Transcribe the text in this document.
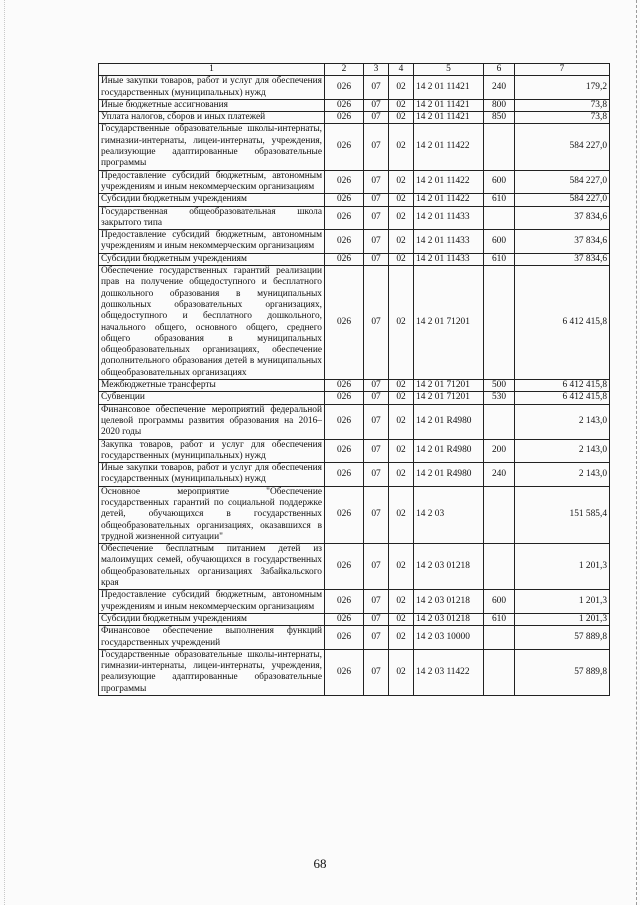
1	2	3	4	5	6	7
Иные закупки товаров, работ и услуг для обеспечения государственных (муниципальных) нужд	026	07	02	14 2 01 11421	240	179,2
Иные бюджетные ассигнования	026	07	02	14 2 01 11421	800	73,8
Уплата налогов, сборов и иных платежей	026	07	02	14 2 01 11421	850	73,8
Государственные образовательные школы-интернаты, гимназии-интернаты, лицеи-интернаты, учреждения, реализующие адаптированные образовательные программы	026	07	02	14 2 01 11422		584 227,0
Предоставление субсидий бюджетным, автономным учреждениям и иным некоммерческим организациям	026	07	02	14 2 01 11422	600	584 227,0
Субсидии бюджетным учреждениям	026	07	02	14 2 01 11422	610	584 227,0
Государственная общеобразовательная школа закрытого типа	026	07	02	14 2 01 11433		37 834,6
Предоставление субсидий бюджетным, автономным учреждениям и иным некоммерческим организациям	026	07	02	14 2 01 11433	600	37 834,6
Субсидии бюджетным учреждениям	026	07	02	14 2 01 11433	610	37 834,6
Обеспечение государственных гарантий реализации прав на получение общедоступного и бесплатного дошкольного образования в муниципальных дошкольных образовательных организациях, общедоступного и бесплатного дошкольного, начального общего, основного общего, среднего общего образования в муниципальных общеобразовательных организациях, обеспечение дополнительного образования детей в муниципальных общеобразовательных организациях	026	07	02	14 2 01 71201		6 412 415,8
Межбюджетные трансферты	026	07	02	14 2 01 71201	500	6 412 415,8
Субвенции	026	07	02	14 2 01 71201	530	6 412 415,8
Финансовое обеспечение мероприятий федеральной целевой программы развития образования на 2016–2020 годы	026	07	02	14 2 01 R4980		2 143,0
Закупка товаров, работ и услуг для обеспечения государственных (муниципальных) нужд	026	07	02	14 2 01 R4980	200	2 143,0
Иные закупки товаров, работ и услуг для обеспечения государственных (муниципальных) нужд	026	07	02	14 2 01 R4980	240	2 143,0
Основное мероприятие "Обеспечение государственных гарантий по социальной поддержке детей, обучающихся в государственных общеобразовательных организациях, оказавшихся в трудной жизненной ситуации"	026	07	02	14 2 03		151 585,4
Обеспечение бесплатным питанием детей из малоимущих семей, обучающихся в государственных общеобразовательных организациях Забайкальского края	026	07	02	14 2 03 01218		1 201,3
Предоставление субсидий бюджетным, автономным учреждениям и иным некоммерческим организациям	026	07	02	14 2 03 01218	600	1 201,3
Субсидии бюджетным учреждениям	026	07	02	14 2 03 01218	610	1 201,3
Финансовое обеспечение выполнения функций государственных учреждений	026	07	02	14 2 03 10000		57 889,8
Государственные образовательные школы-интернаты, гимназии-интернаты, лицеи-интернаты, учреждения, реализующие адаптированные образовательные программы	026	07	02	14 2 03 11422		57 889,8
68
